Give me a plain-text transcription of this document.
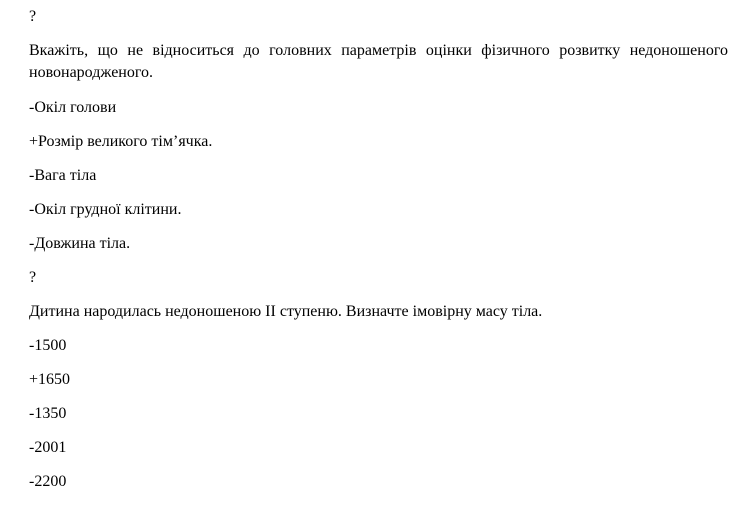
?
Вкажіть, що не відноситься до головних параметрів оцінки фізичного розвитку недоношеного новонародженого.
-Окіл голови
+Розмір великого тім’ячка.
-Вага тіла
-Окіл грудної клітини.
-Довжина тіла.
?
Дитина народилась недоношеною ІІ ступеню. Визначте імовірну масу тіла.
-1500
+1650
-1350
-2001
-2200
